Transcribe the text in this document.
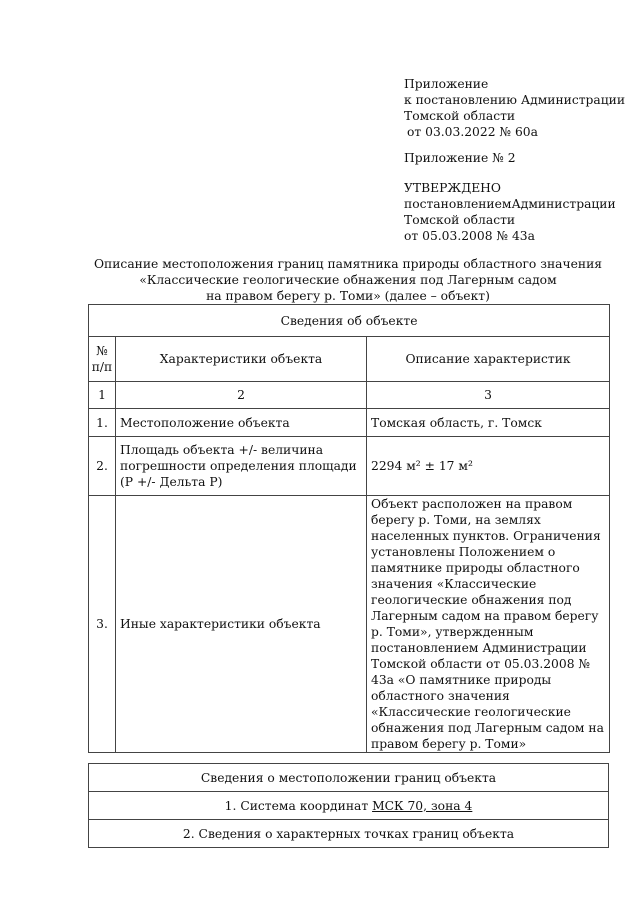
Приложение
к постановлению Администрации
Томской области
от 03.03.2022 № 60а
Приложение № 2
УТВЕРЖДЕНО
постановлением Администрации
Томской области
от 05.03.2008 № 43а
Описание местоположения границ памятника природы областного значения
«Классические геологические обнажения под Лагерным садом
на правом берегу р. Томи» (далее – объект)
Сведения об объекте		
№ п/п	Характеристики объекта	Описание характеристик
1	2	3
1.	Местоположение объекта	Томская область, г. Томск
2.	Площадь объекта +/- величина погрешности определения площади (Р +/- Дельта Р)	2294 м² ± 17 м²
3.	Иные характеристики объекта	Объект расположен на правом берегу р. Томи, на землях населенных пунктов. Ограничения установлены Положением о памятнике природы областного значения «Классические геологические обнажения под Лагерным садом на правом берегу р. Томи», утвержденным постановлением Администрации Томской области от 05.03.2008 № 43а «О памятнике природы областного значения «Классические геологические обнажения под Лагерным садом на правом берегу р. Томи»
Сведения о местоположении границ объекта
1. Система координат МСК 70, зона 4
2. Сведения о характерных точках границ объекта
